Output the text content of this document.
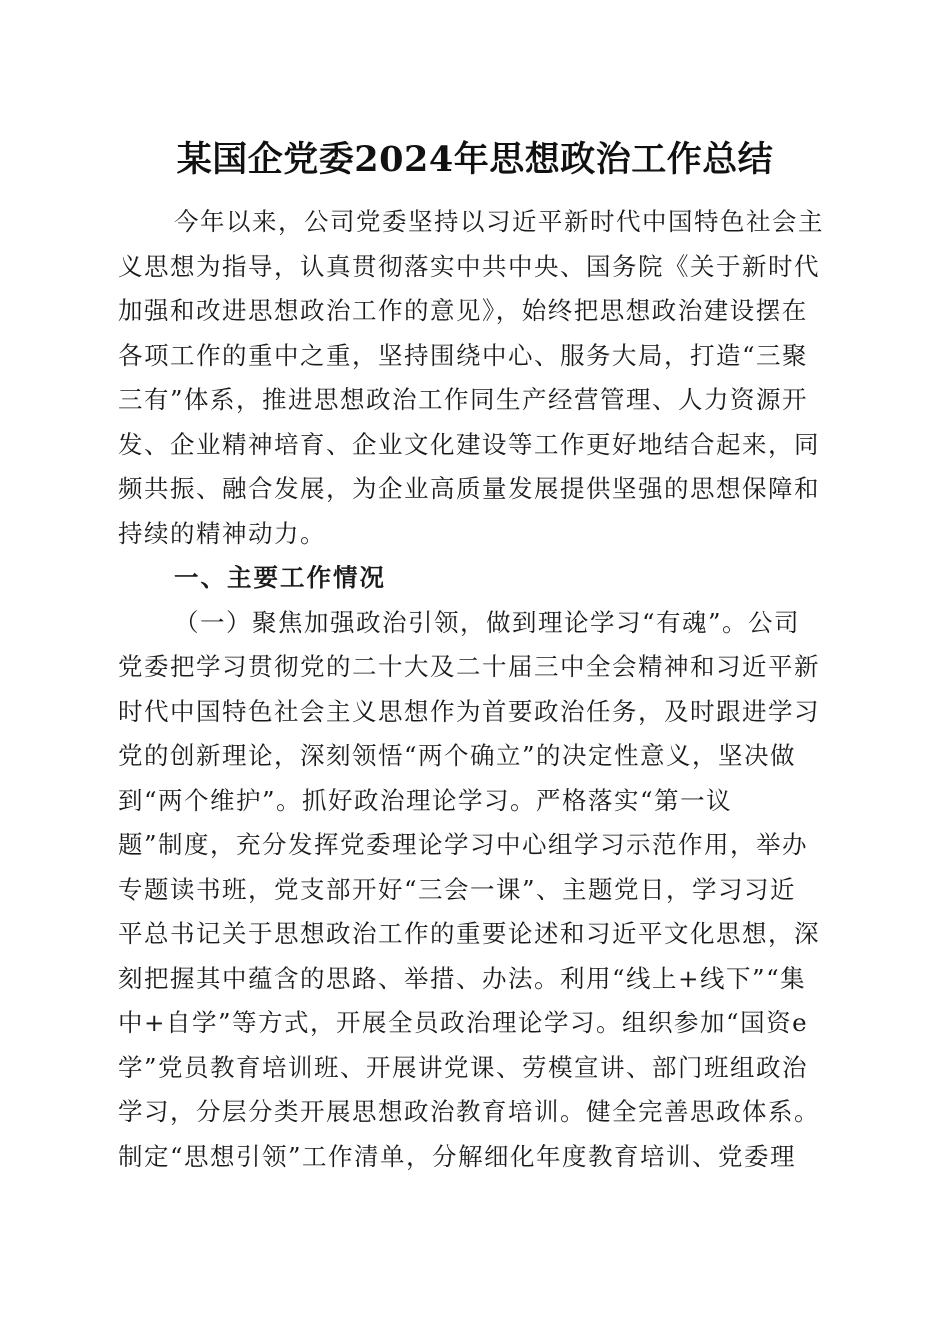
某国企党委2024年思想政治工作总结
今年以来，公司党委坚持以习近平新时代中国特色社会主
义思想为指导，认真贯彻落实中共中央、国务院《关于新时代
加强和改进思想政治工作的意见》，始终把思想政治建设摆在
各项工作的重中之重，坚持围绕中心、服务大局，打造“三聚
三有”体系，推进思想政治工作同生产经营管理、人力资源开
发、企业精神培育、企业文化建设等工作更好地结合起来，同
频共振、融合发展，为企业高质量发展提供坚强的思想保障和
持续的精神动力。
一、主要工作情况
（一）聚焦加强政治引领，做到理论学习“有魂”。公司
党委把学习贯彻党的二十大及二十届三中全会精神和习近平新
时代中国特色社会主义思想作为首要政治任务，及时跟进学习
党的创新理论，深刻领悟“两个确立”的决定性意义，坚决做
到“两个维护”。抓好政治理论学习。严格落实“第一议
题”制度，充分发挥党委理论学习中心组学习示范作用，举办
专题读书班，党支部开好“三会一课”、主题党日，学习习近
平总书记关于思想政治工作的重要论述和习近平文化思想，深
刻把握其中蕴含的思路、举措、办法。利用“线上+线下”“集
中+自学”等方式，开展全员政治理论学习。组织参加“国资e
学”党员教育培训班、开展讲党课、劳模宣讲、部门班组政治
学习，分层分类开展思想政治教育培训。健全完善思政体系。
制定“思想引领”工作清单，分解细化年度教育培训、党委理
